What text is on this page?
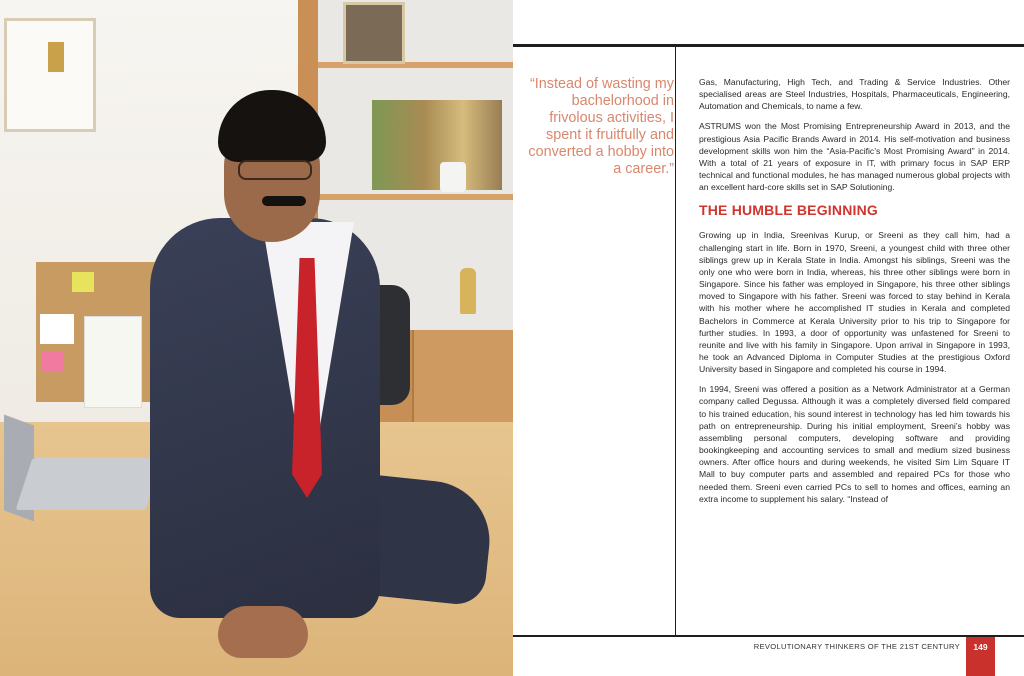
“Instead of wasting my bachelorhood in frivolous activities, I spent it fruitfully and converted a hobby into a career.”

Gas, Manufacturing, High Tech, and Trading & Service Industries. Other specialised areas are Steel Industries, Hospitals, Pharmaceuticals, Engineering, Automation and Chemicals, to name a few.

ASTRUMS won the Most Promising Entrepreneurship Award in 2013, and the prestigious Asia Pacific Brands Award in 2014. His self-motivation and business development skills won him the “Asia-Pacific’s Most Promising Award” in 2014. With a total of 21 years of exposure in IT, with primary focus in SAP ERP technical and functional modules, he has managed numerous global projects with an excellent hard-core skills set in SAP Solutioning.

THE HUMBLE BEGINNING

Growing up in India, Sreenivas Kurup, or Sreeni as they call him, had a challenging start in life. Born in 1970, Sreeni, a youngest child with three other siblings grew up in Kerala State in India. Amongst his siblings, Sreeni was the only one who were born in India, whereas, his three other siblings were born in Singapore. Since his father was employed in Singapore, his three other siblings moved to Singapore with his father. Sreeni was forced to stay behind in Kerala with his mother where he accomplished IT studies in Kerala and completed Bachelors in Commerce at Kerala University prior to his trip to Singapore for further studies. In 1993, a door of opportunity was unfastened for Sreeni to reunite and live with his family in Singapore. Upon arrival in Singapore in 1993, he took an Advanced Diploma in Computer Studies at the prestigious Oxford University based in Singapore and completed his course in 1994.

In 1994, Sreeni was offered a position as a Network Administrator at a German company called Degussa. Although it was a completely diversed field compared to his trained education, his sound interest in technology has led him towards his path on entrepreneurship. During his initial employment, Sreeni’s hobby was assembling personal computers, developing software and providing bookingkeeping and accounting services to small and medium sized business owners. After office hours and during weekends, he visited Sim Lim Square IT Mall to buy computer parts and assembled and repaired PCs for those who needed them. Sreeni even carried PCs to sell to homes and offices, earning an extra income to supplement his salary. “Instead of

REVOLUTIONARY THINKERS OF THE 21ST CENTURY	149
